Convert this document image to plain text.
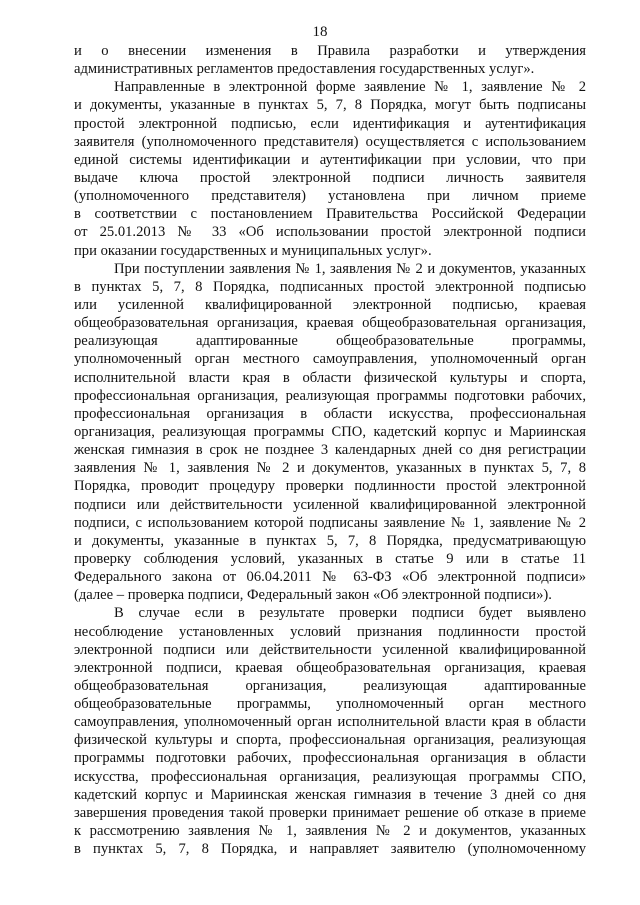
18
и о внесении изменения в Правила разработки и утверждения
административных регламентов предоставления государственных услуг».
Направленные в электронной форме заявление № 1, заявление № 2
и документы, указанные в пунктах 5, 7, 8 Порядка, могут быть подписаны
простой электронной подписью, если идентификация и аутентификация
заявителя (уполномоченного представителя) осуществляется с использованием
единой системы идентификации и аутентификации при условии, что при
выдаче ключа простой электронной подписи личность заявителя
(уполномоченного представителя) установлена при личном приеме
в соответствии с постановлением Правительства Российской Федерации
от 25.01.2013 № 33 «Об использовании простой электронной подписи
при оказании государственных и муниципальных услуг».
При поступлении заявления № 1, заявления № 2 и документов, указанных
в пунктах 5, 7, 8 Порядка, подписанных простой электронной подписью
или усиленной квалифицированной электронной подписью, краевая
общеобразовательная организация, краевая общеобразовательная организация,
реализующая адаптированные общеобразовательные программы,
уполномоченный орган местного самоуправления, уполномоченный орган
исполнительной власти края в области физической культуры и спорта,
профессиональная организация, реализующая программы подготовки рабочих,
профессиональная организация в области искусства, профессиональная
организация, реализующая программы СПО, кадетский корпус и Мариинская
женская гимназия в срок не позднее 3 календарных дней со дня регистрации
заявления № 1, заявления № 2 и документов, указанных в пунктах 5, 7, 8
Порядка, проводит процедуру проверки подлинности простой электронной
подписи или действительности усиленной квалифицированной электронной
подписи, с использованием которой подписаны заявление № 1, заявление № 2
и документы, указанные в пунктах 5, 7, 8 Порядка, предусматривающую
проверку соблюдения условий, указанных в статье 9 или в статье 11
Федерального закона от 06.04.2011 № 63-ФЗ «Об электронной подписи»
(далее – проверка подписи, Федеральный закон «Об электронной подписи»).
В случае если в результате проверки подписи будет выявлено
несоблюдение установленных условий признания подлинности простой
электронной подписи или действительности усиленной квалифицированной
электронной подписи, краевая общеобразовательная организация, краевая
общеобразовательная организация, реализующая адаптированные
общеобразовательные программы, уполномоченный орган местного
самоуправления, уполномоченный орган исполнительной власти края в области
физической культуры и спорта, профессиональная организация, реализующая
программы подготовки рабочих, профессиональная организация в области
искусства, профессиональная организация, реализующая программы СПО,
кадетский корпус и Мариинская женская гимназия в течение 3 дней со дня
завершения проведения такой проверки принимает решение об отказе в приеме
к рассмотрению заявления № 1, заявления № 2 и документов, указанных
в пунктах 5, 7, 8 Порядка, и направляет заявителю (уполномоченному
